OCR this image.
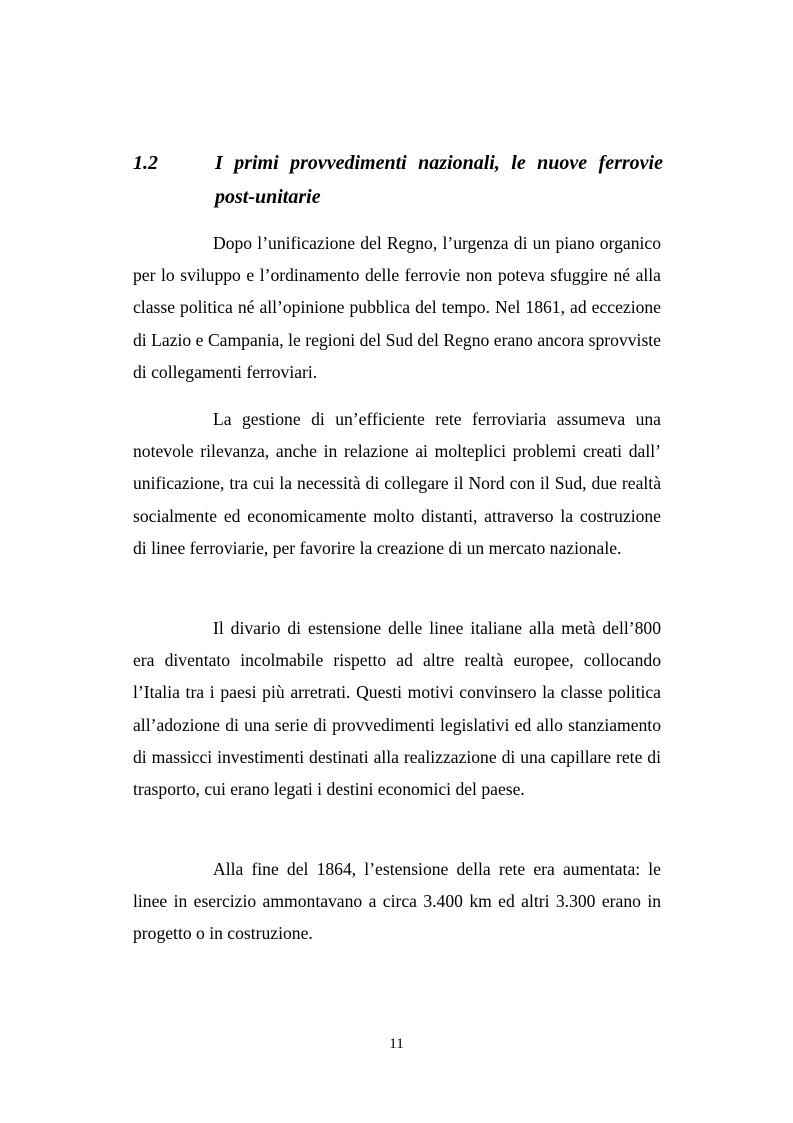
1.2	I primi provvedimenti nazionali, le nuove ferrovie post-unitarie

Dopo l’unificazione del Regno, l’urgenza di un piano organico per lo sviluppo e l’ordinamento delle ferrovie non poteva sfuggire né alla classe politica né all’opinione pubblica del tempo. Nel 1861, ad eccezione di Lazio e Campania, le regioni del Sud del Regno erano ancora sprovviste di collegamenti ferroviari.

La gestione di un’efficiente rete ferroviaria assumeva una notevole rilevanza, anche in relazione ai molteplici problemi creati dall’ unificazione, tra cui la necessità di collegare il Nord con il Sud, due realtà socialmente ed economicamente molto distanti, attraverso la costruzione di linee ferroviarie, per favorire la creazione di un mercato nazionale.

Il divario di estensione delle linee italiane alla metà dell’800 era diventato incolmabile rispetto ad altre realtà europee, collocando l’Italia tra i paesi più arretrati. Questi motivi convinsero la classe politica all’adozione di una serie di provvedimenti legislativi ed allo stanziamento di massicci investimenti destinati alla realizzazione di una capillare rete di trasporto, cui erano legati i destini economici del paese.

Alla fine del 1864, l’estensione della rete era aumentata: le linee in esercizio ammontavano a circa 3.400 km ed altri 3.300 erano in progetto o in costruzione.

11
